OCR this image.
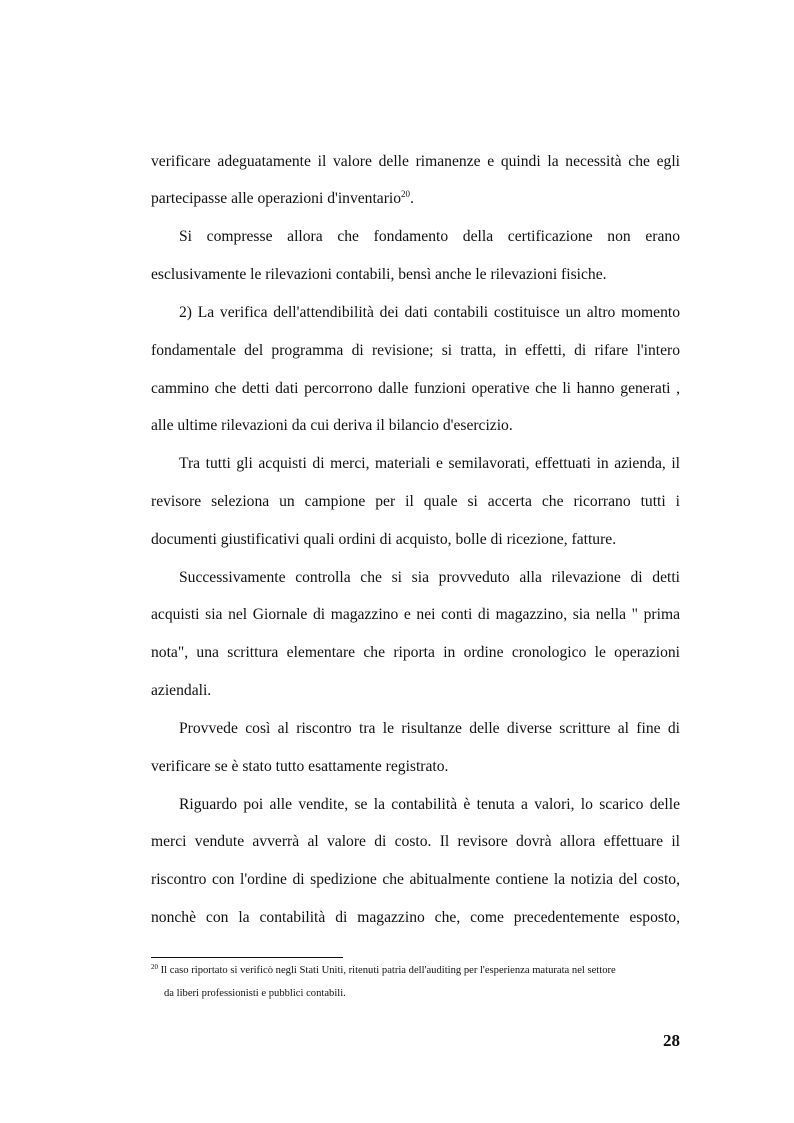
verificare adeguatamente il valore delle rimanenze e quindi la necessità che egli
partecipasse alle operazioni d'inventario$^{20}$.
Si compresse allora che fondamento della certificazione non erano
esclusivamente le rilevazioni contabili, bensì anche le rilevazioni fisiche.
2) La verifica dell'attendibilità dei dati contabili costituisce un altro momento
fondamentale del programma di revisione; si tratta, in effetti, di rifare l'intero
cammino che detti dati percorrono dalle funzioni operative che li hanno generati ,
alle ultime rilevazioni da cui deriva il bilancio d'esercizio.
Tra tutti gli acquisti di merci, materiali e semilavorati, effettuati in azienda, il
revisore seleziona un campione per il quale si accerta che ricorrano tutti i
documenti giustificativi quali ordini di acquisto, bolle di ricezione, fatture.
Successivamente controlla che si sia provveduto alla rilevazione di detti
acquisti sia nel Giornale di magazzino e nei conti di magazzino, sia nella " prima
nota", una scrittura elementare che riporta in ordine cronologico le operazioni
aziendali.
Provvede così al riscontro tra le risultanze delle diverse scritture al fine di
verificare se è stato tutto esattamente registrato.
Riguardo poi alle vendite, se la contabilità è tenuta a valori, lo scarico delle
merci vendute avverrà al valore di costo. Il revisore dovrà allora effettuare il
riscontro con l'ordine di spedizione che abitualmente contiene la notizia del costo,
nonchè con la contabilità di magazzino che, come precedentemente esposto,
$^{20}$ Il caso riportato si verificò negli Stati Uniti, ritenuti patria dell'auditing per l'esperienza maturata nel settore
da liberi professionisti e pubblici contabili.
28
